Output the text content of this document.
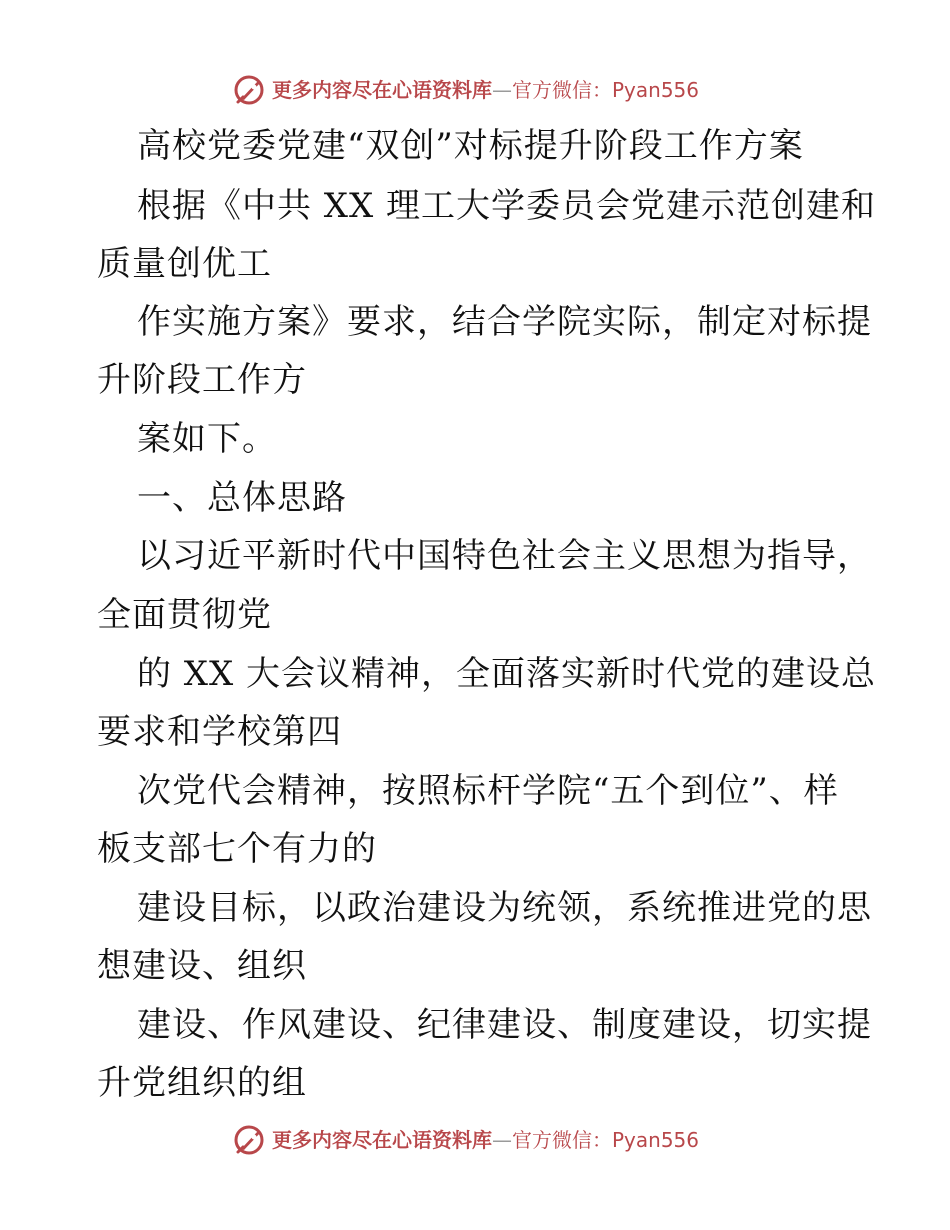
更多内容尽在心语资料库—官方微信：Pyan556
高校党委党建“双创”对标提升阶段工作方案
根据《中共 XX 理工大学委员会党建示范创建和
质量创优工
作实施方案》要求，结合学院实际，制定对标提
升阶段工作方
案如下。
一、总体思路
以习近平新时代中国特色社会主义思想为指导，
全面贯彻党
的 XX 大会议精神，全面落实新时代党的建设总
要求和学校第四
次党代会精神，按照标杆学院“五个到位”、样
板支部七个有力的
建设目标，以政治建设为统领，系统推进党的思
想建设、组织
建设、作风建设、纪律建设、制度建设，切实提
升党组织的组
更多内容尽在心语资料库—官方微信：Pyan556
